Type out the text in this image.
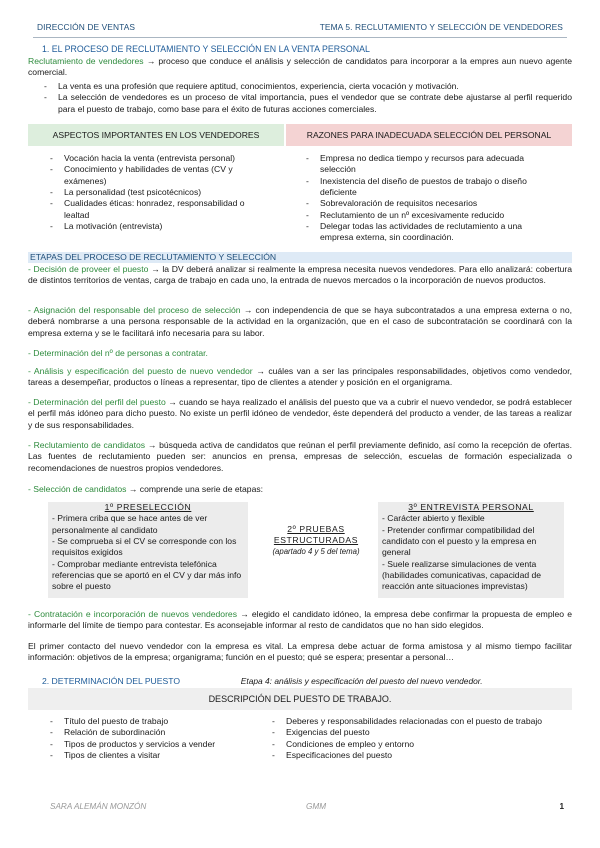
DIRECCIÓN DE VENTAS	TEMA 5. RECLUTAMIENTO Y SELECCIÓN DE VENDEDORES
1. EL PROCESO DE RECLUTAMIENTO Y SELECCIÓN EN LA VENTA PERSONAL
Reclutamiento de vendedores → proceso que conduce el análisis y selección de candidatos para incorporar a la empres aun nuevo agente comercial.
- La venta es una profesión que requiere aptitud, conocimientos, experiencia, cierta vocación y motivación.
- La selección de vendedores es un proceso de vital importancia, pues el vendedor que se contrate debe ajustarse al perfil requerido para el puesto de trabajo, como base para el éxito de futuras acciones comerciales.
ASPECTOS IMPORTANTES EN LOS VENDEDORES	RAZONES PARA INADECUADA SELECCIÓN DEL PERSONAL
- Vocación hacia la venta (entrevista personal)
- Conocimiento y habilidades de ventas (CV y exámenes)
- La personalidad (test psicotécnicos)
- Cualidades éticas: honradez, responsabilidad o lealtad
- La motivación (entrevista)
- Empresa no dedica tiempo y recursos para adecuada selección
- Inexistencia del diseño de puestos de trabajo o diseño deficiente
- Sobrevaloración de requisitos necesarios
- Reclutamiento de un nº excesivamente reducido
- Delegar todas las actividades de reclutamiento a una empresa externa, sin coordinación.
ETAPAS DEL PROCESO DE RECLUTAMIENTO Y SELECCIÓN
- Decisión de proveer el puesto → la DV deberá analizar si realmente la empresa necesita nuevos vendedores. Para ello analizará: cobertura de distintos territorios de ventas, carga de trabajo en cada uno, la entrada de nuevos mercados o la incorporación de nuevos productos.
- Asignación del responsable del proceso de selección → con independencia de que se haya subcontratados a una empresa externa o no, deberá nombrarse a una persona responsable de la actividad en la organización, que en el caso de subcontratación se coordinará con la empresa externa y se le facilitará info necesaria para su labor.
- Determinación del nº de personas a contratar.
- Análisis y especificación del puesto de nuevo vendedor → cuáles van a ser las principales responsabilidades, objetivos como vendedor, tareas a desempeñar, productos o líneas a representar, tipo de clientes a atender y posición en el organigrama.
- Determinación del perfil del puesto → cuando se haya realizado el análisis del puesto que va a cubrir el nuevo vendedor, se podrá establecer el perfil más idóneo para dicho puesto. No existe un perfil idóneo de vendedor, éste dependerá del producto a vender, de las tareas a realizar y de sus responsabilidades.
- Reclutamiento de candidatos → búsqueda activa de candidatos que reúnan el perfil previamente definido, así como la recepción de ofertas. Las fuentes de reclutamiento pueden ser: anuncios en prensa, empresas de selección, escuelas de formación especializada o recomendaciones de nuestros propios vendedores.
- Selección de candidatos → comprende una serie de etapas:
1º PRESELECCIÓN
- Primera criba que se hace antes de ver personalmente al candidato
- Se comprueba si el CV se corresponde con los requisitos exigidos
- Comprobar mediante entrevista telefónica referencias que se aportó en el CV y dar más info sobre el puesto
2º PRUEBAS ESTRUCTURADAS
(apartado 4 y 5 del tema)
3º ENTREVISTA PERSONAL
- Carácter abierto y flexible
- Pretender confirmar compatibilidad del candidato con el puesto y la empresa en general
- Suele realizarse simulaciones de venta (habilidades comunicativas, capacidad de reacción ante situaciones imprevistas)
- Contratación e incorporación de nuevos vendedores → elegido el candidato idóneo, la empresa debe confirmar la propuesta de empleo e informarle del límite de tiempo para contestar. Es aconsejable informar al resto de candidatos que no han sido elegidos.
El primer contacto del nuevo vendedor con la empresa es vital. La empresa debe actuar de forma amistosa y al mismo tiempo facilitar información: objetivos de la empresa; organigrama; función en el puesto; qué se espera; presentar a personal…
2. DETERMINACIÓN DEL PUESTO	Etapa 4: análisis y especificación del puesto del nuevo vendedor.
DESCRIPCIÓN DEL PUESTO DE TRABAJO.
- Título del puesto de trabajo
- Relación de subordinación
- Tipos de productos y servicios a vender
- Tipos de clientes a visitar
- Deberes y responsabilidades relacionadas con el puesto de trabajo
- Exigencias del puesto
- Condiciones de empleo y entorno
- Especificaciones del puesto
SARA ALEMÁN MONZÓN	GMM	1
